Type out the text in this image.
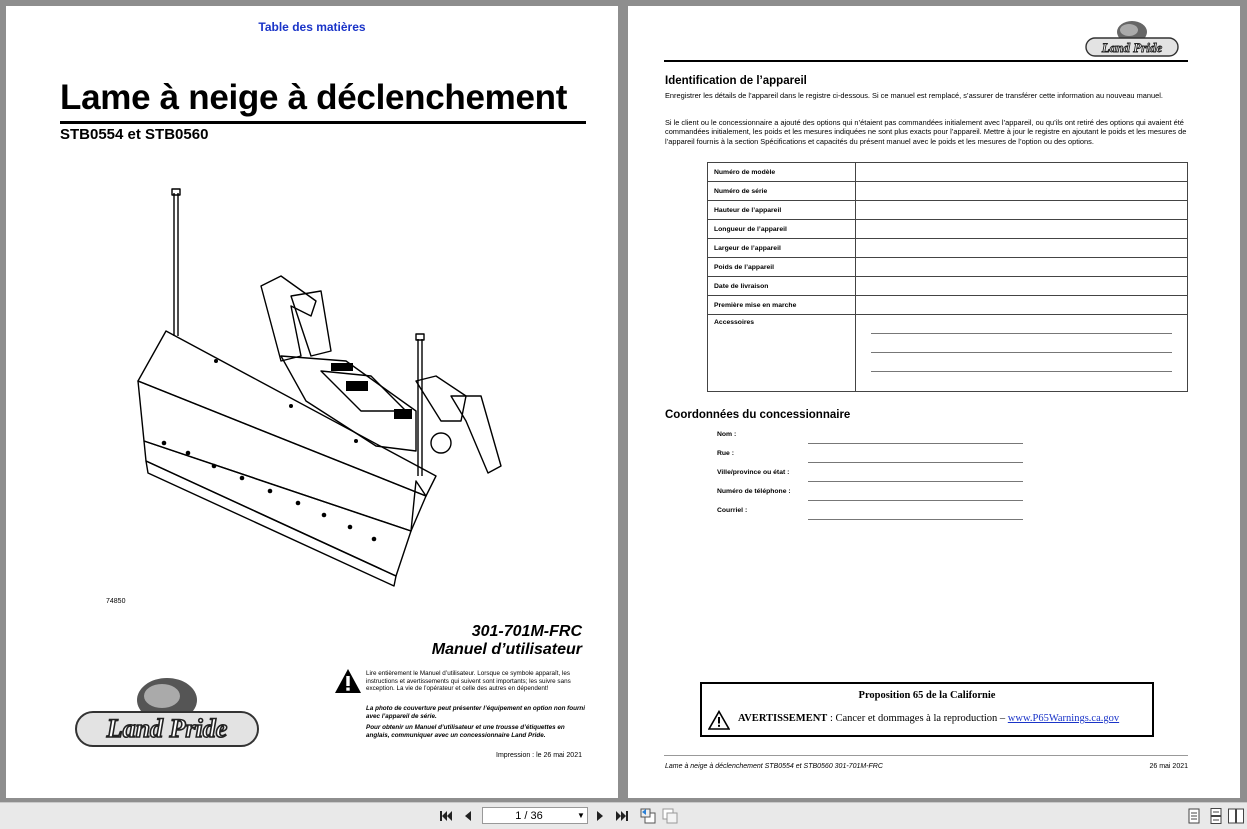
Table des matières
Lame à neige à déclenchement
STB0554 et STB0560
74850
301-701M-FRC
Manuel d’utilisateur
Lire entièrement le Manuel d’utilisateur. Lorsque ce symbole apparaît, les instructions et avertissements qui suivent sont importants; les suivre sans exception. La vie de l’opérateur et celle des autres en dépendent!
La photo de couverture peut présenter l’équipement en option non fourni avec l’appareil de série.
Pour obtenir un Manuel d’utilisateur et une trousse d’étiquettes en anglais, communiquer avec un concessionnaire Land Pride.
Land Pride
Impression : le 26 mai 2021
Land Pride
Identification de l’appareil
Enregistrer les détails de l’appareil dans le registre ci-dessous. Si ce manuel est remplacé, s’assurer de transférer cette information au nouveau manuel.
Si le client ou le concessionnaire a ajouté des options qui n’étaient pas commandées initialement avec l’appareil, ou qu’ils ont retiré des options qui avaient été commandées initialement, les poids et les mesures indiquées ne sont plus exacts pour l’appareil. Mettre à jour le registre en ajoutant le poids et les mesures de l’appareil fournis à la section Spécifications et capacités du présent manuel avec le poids et les mesures de l’option ou des options.
Numéro de modèle	
Numéro de série	
Hauteur de l’appareil	
Longueur de l’appareil	
Largeur de l’appareil	
Poids de l’appareil	
Date de livraison	
Première mise en marche	
Accessoires	
Coordonnées du concessionnaire
Nom :
Rue :
Ville/province ou état :
Numéro de téléphone :
Courriel :
Proposition 65 de la Californie
AVERTISSEMENT : Cancer et dommages à la reproduction – www.P65Warnings.ca.gov
Lame à neige à déclenchement STB0554 et STB0560 301-701M-FRC	26 mai 2021
1 / 36	▼
